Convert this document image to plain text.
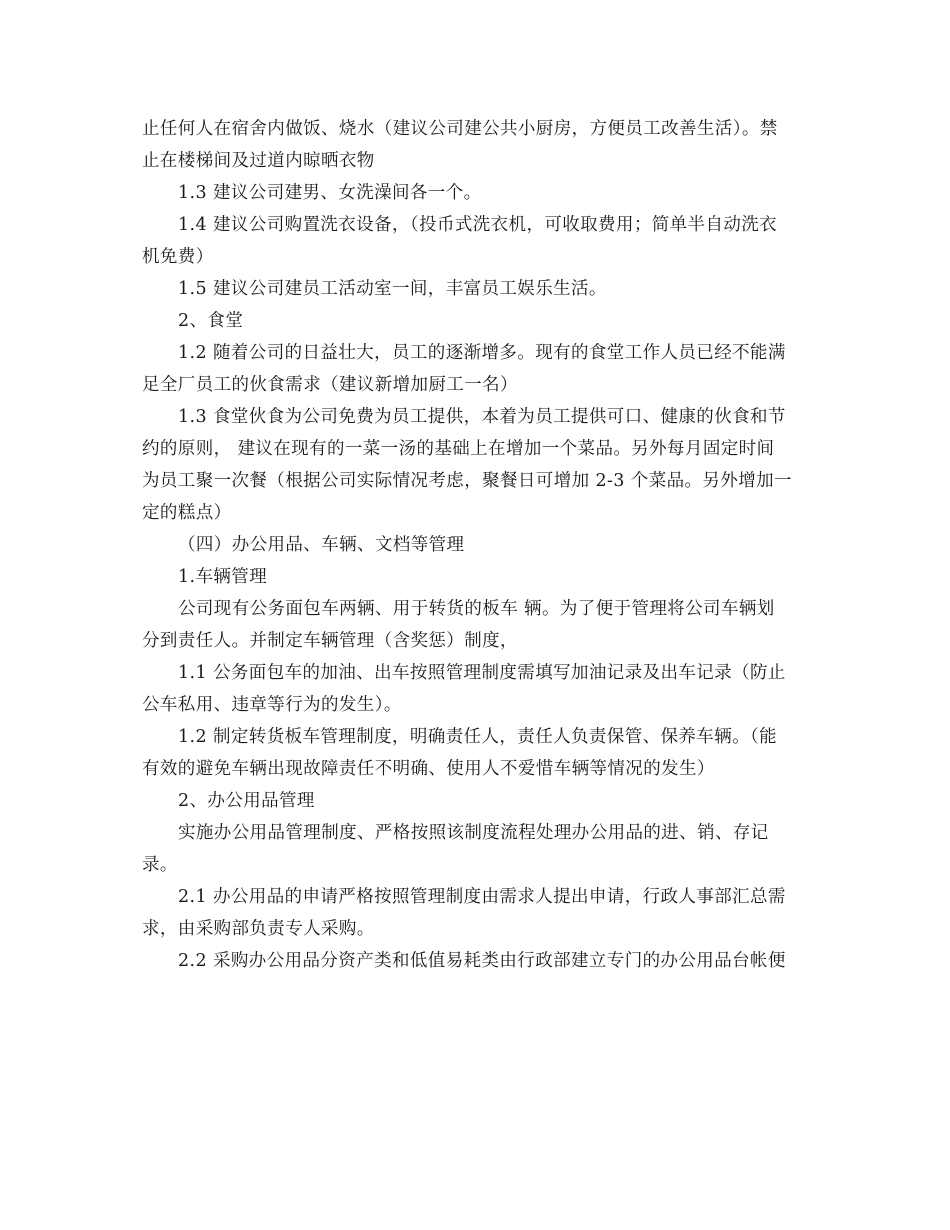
止任何人在宿舍内做饭、烧水（建议公司建公共小厨房，方便员工改善生活）。禁
止在楼梯间及过道内晾晒衣物
1.3 建议公司建男、女洗澡间各一个。
1.4 建议公司购置洗衣设备，（投币式洗衣机，可收取费用；简单半自动洗衣
机免费）
1.5 建议公司建员工活动室一间，丰富员工娱乐生活。
2、食堂
1.2 随着公司的日益壮大，员工的逐渐增多。现有的食堂工作人员已经不能满
足全厂员工的伙食需求（建议新增加厨工一名）
1.3 食堂伙食为公司免费为员工提供，本着为员工提供可口、健康的伙食和节
约的原则， 建议在现有的一菜一汤的基础上在增加一个菜品。另外每月固定时间
为员工聚一次餐（根据公司实际情况考虑，聚餐日可增加 2-3 个菜品。另外增加一
定的糕点）
（四）办公用品、车辆、文档等管理
1.车辆管理
公司现有公务面包车两辆、用于转货的板车 辆。为了便于管理将公司车辆划
分到责任人。并制定车辆管理（含奖惩）制度，
1.1 公务面包车的加油、出车按照管理制度需填写加油记录及出车记录（防止
公车私用、违章等行为的发生）。
1.2 制定转货板车管理制度，明确责任人，责任人负责保管、保养车辆。（能
有效的避免车辆出现故障责任不明确、使用人不爱惜车辆等情况的发生）
2、办公用品管理
实施办公用品管理制度、严格按照该制度流程处理办公用品的进、销、存记
录。
2.1 办公用品的申请严格按照管理制度由需求人提出申请，行政人事部汇总需
求，由采购部负责专人采购。
2.2 采购办公用品分资产类和低值易耗类由行政部建立专门的办公用品台帐便
